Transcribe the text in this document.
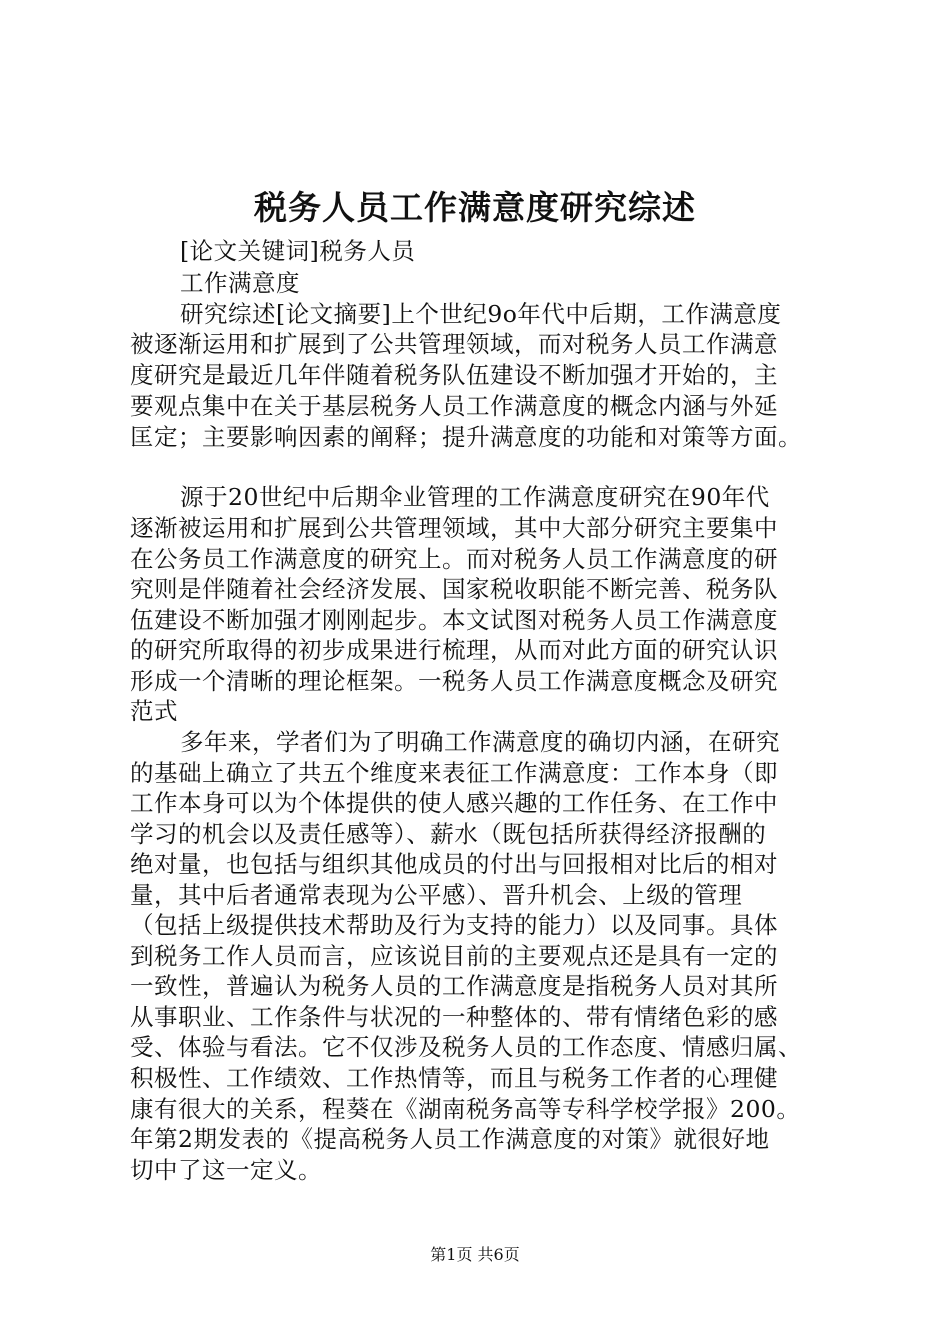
税务人员工作满意度研究综述

[论文关键词]税务人员

工作满意度

研究综述[论文摘要]上个世纪9o年代中后期，工作满意度

被逐渐运用和扩展到了公共管理领域，而对税务人员工作满意

度研究是最近几年伴随着税务队伍建设不断加强才开始的，主

要观点集中在关于基层税务人员工作满意度的概念内涵与外延

匡定；主要影响因素的阐释；提升满意度的功能和对策等方面。

源于20世纪中后期伞业管理的工作满意度研究在90年代

逐渐被运用和扩展到公共管理领域，其中大部分研究主要集中

在公务员工作满意度的研究上。而对税务人员工作满意度的研

究则是伴随着社会经济发展、国家税收职能不断完善、税务队

伍建设不断加强才刚刚起步。本文试图对税务人员工作满意度

的研究所取得的初步成果进行梳理，从而对此方面的研究认识

形成一个清晰的理论框架。一税务人员工作满意度概念及研究

范式

多年来，学者们为了明确工作满意度的确切内涵，在研究

的基础上确立了共五个维度来表征工作满意度：工作本身（即

工作本身可以为个体提供的使人感兴趣的工作任务、在工作中

学习的机会以及责任感等）、薪水（既包括所获得经济报酬的

绝对量，也包括与组织其他成员的付出与回报相对比后的相对

量，其中后者通常表现为公平感）、晋升机会、上级的管理

（包括上级提供技术帮助及行为支持的能力）以及同事。具体

到税务工作人员而言，应该说目前的主要观点还是具有一定的

一致性，普遍认为税务人员的工作满意度是指税务人员对其所

从事职业、工作条件与状况的一种整体的、带有情绪色彩的感

受、体验与看法。它不仅涉及税务人员的工作态度、情感归属、

积极性、工作绩效、工作热情等，而且与税务工作者的心理健

康有很大的关系，程葵在《湖南税务高等专科学校学报》200。

年第2期发表的《提高税务人员工作满意度的对策》就很好地

切中了这一定义。

第1页 共6页
